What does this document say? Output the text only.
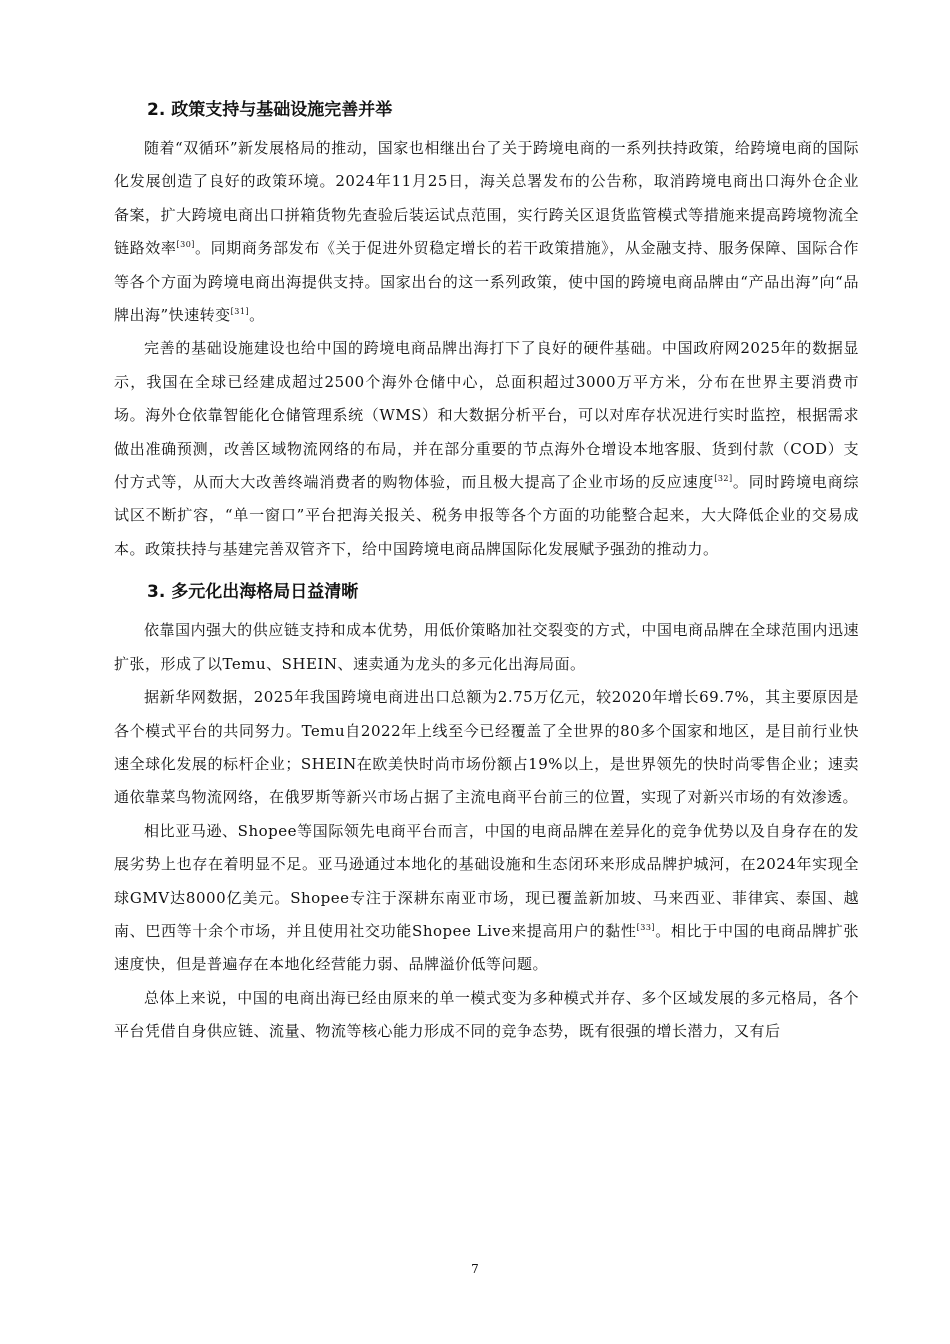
2. 政策支持与基础设施完善并举

随着“双循环”新发展格局的推动，国家也相继出台了关于跨境电商的一系列扶持政策，给跨境电商的国际化发展创造了良好的政策环境。2024年11月25日，海关总署发布的公告称，取消跨境电商出口海外仓企业备案，扩大跨境电商出口拼箱货物先查验后装运试点范围，实行跨关区退货监管模式等措施来提高跨境物流全链路效率[30]。同期商务部发布《关于促进外贸稳定增长的若干政策措施》，从金融支持、服务保障、国际合作等各个方面为跨境电商出海提供支持。国家出台的这一系列政策，使中国的跨境电商品牌由“产品出海”向“品牌出海”快速转变[31]。

完善的基础设施建设也给中国的跨境电商品牌出海打下了良好的硬件基础。中国政府网2025年的数据显示，我国在全球已经建成超过2500个海外仓储中心，总面积超过3000万平方米，分布在世界主要消费市场。海外仓依靠智能化仓储管理系统（WMS）和大数据分析平台，可以对库存状况进行实时监控，根据需求做出准确预测，改善区域物流网络的布局，并在部分重要的节点海外仓增设本地客服、货到付款（COD）支付方式等，从而大大改善终端消费者的购物体验，而且极大提高了企业市场的反应速度[32]。同时跨境电商综试区不断扩容，“单一窗口”平台把海关报关、税务申报等各个方面的功能整合起来，大大降低企业的交易成本。政策扶持与基建完善双管齐下，给中国跨境电商品牌国际化发展赋予强劲的推动力。

3. 多元化出海格局日益清晰

依靠国内强大的供应链支持和成本优势，用低价策略加社交裂变的方式，中国电商品牌在全球范围内迅速扩张，形成了以Temu、SHEIN、速卖通为龙头的多元化出海局面。

据新华网数据，2025年我国跨境电商进出口总额为2.75万亿元，较2020年增长69.7%，其主要原因是各个模式平台的共同努力。Temu自2022年上线至今已经覆盖了全世界的80多个国家和地区，是目前行业快速全球化发展的标杆企业；SHEIN在欧美快时尚市场份额占19%以上，是世界领先的快时尚零售企业；速卖通依靠菜鸟物流网络，在俄罗斯等新兴市场占据了主流电商平台前三的位置，实现了对新兴市场的有效渗透。

相比亚马逊、Shopee等国际领先电商平台而言，中国的电商品牌在差异化的竞争优势以及自身存在的发展劣势上也存在着明显不足。亚马逊通过本地化的基础设施和生态闭环来形成品牌护城河，在2024年实现全球GMV达8000亿美元。Shopee专注于深耕东南亚市场，现已覆盖新加坡、马来西亚、菲律宾、泰国、越南、巴西等十余个市场，并且使用社交功能Shopee Live来提高用户的黏性[33]。相比于中国的电商品牌扩张速度快，但是普遍存在本地化经营能力弱、品牌溢价低等问题。

总体上来说，中国的电商出海已经由原来的单一模式变为多种模式并存、多个区域发展的多元格局，各个平台凭借自身供应链、流量、物流等核心能力形成不同的竞争态势，既有很强的增长潜力，又有后

7
